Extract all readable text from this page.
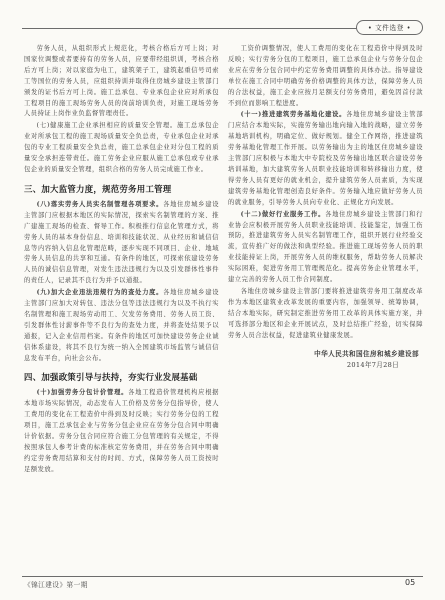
• 文件选登 •

劳务人员，从组织形式上规范化，考核合格后方可上岗；对国家位调整或者要持有的劳务人员，应要带经组织训，考核合格后方可上岗；对以家庭为电工，建筑架子工，建筑起重信号司索工等国位的劳务人员，应组织持训并取得住房城乡建设主管部门颁发的证书后方可上岗。施工总承包、专业承包企业应对所承包工程项目的施工现场劳务人员的岗前培训负责，对施工现场劳务人员持证上岗作业负监督管理责任。

(七)健康施工企业承担相应的质量安全管理。施工总承包企业对所承包工程的施工现场质量安全负总责，专业承包企业对承包的专业工程质量安全负总责，施工总承包企业对分包工程的质量安全承担连带责任。施工劳务企业应服从施工总承包或专业承包企业的质量安全管理，组织合格的劳务人员完成施工作业。

三、加大监管力度，规范劳务用工管理

(八)落实劳务人员实名制管理各项要求。各地住房城乡建设主管部门应根据本地区的实际情况，探索实名制管理的方案、推广建施工现场的检查、督导工作。积极推行信息化管理方式，将劳务人员的基本身份信息、培训和技能状况、从业经历和诚信信息等内容纳入信息化管理范畴，逐步实现不同项目、企业、地域劳务人员信息的共享和互通。有条件的地区，可探索依建设劳务人员的诚信信息管理，对发生违法违规行为以及引发群体性事件的责任人，记录其不良行为并予以通报。

(九)加大企业违法违规行为的查处力度。各地住房城乡建设主管部门应加大对转包、违法分包等违法违规行为以及不执行实名制管理和施工现场劳动用工、欠发劳务费用、劳务人员工资、引发群体性讨薪事件等不良行为的查处力度，并将查处结果予以通报，记入企业信用档案。有条件的地区可加快建设劳务企业诚信体系建设，将其不良行为统一纳入全国建筑市场监管与诚信信息发布平台，向社会公布。

四、加强政策引导与扶持，夯实行业发展基础

(十)加强劳务分包计价管理。各地工程造价管理机构应根据本地市场实际情况，动态发布人工价格及劳务分包指导价，使人工费用的变化在工程造价中得到及时反映；实行劳务分包的工程项目，施工总承包企业与劳务分包企业应在劳务分包合同中明确计价依据。劳务分包合同应符合施工分包管理的有关规定，不得按照承包人参考计费的标准核定劳务费用，并在劳务合同中明确约定劳务费用结算和支付的时间、方式，保障劳务人员工资按时足额发放。

工资价调整情况，使人工费用的变化在工程造价中得到及时反映；实行劳务分包的工程项目，施工总承包企业与劳务分包企业应在劳务分包合同中约定劳务费用调整的具体办法。指导建设单位在施工合同中明确劳务价格调整的具体方法，保障劳务人员的合法权益，施工企业应按月足额支付劳务费用，避免因首付款不到位而影响工程进度。

(十一)推进建筑劳务基地化建设。各地住房城乡建设主管部门应结合本地实际，实施劳务输出地向输入地的战略，建立劳务基地培训机构，明确定位、做好规划。健全工作网络，推进建筑劳务基地化管理工作开展。以劳务输出为主的地区住房城乡建设主管部门应积极与本地大中专院校及劳务输出地区联合建设劳务培训基地，加大建筑劳务人员职业技能培训和转移输出力度，使得劳务人员有更好的就业机会，提升建筑劳务人员素质，为实现建筑劳务基地化管理创造良好条件。劳务输入地应做好劳务人员的就业服务，引导劳务人员向专业化、正规化方向发展。

(十二)做好行业服务工作。各地住房城乡建设主管部门和行业协会应积极开展劳务人员职业技能培训、技能鉴定，加强工伤预防，推进建筑劳务人员实名制管理工作，组织开展行业经验交流，宣传推广好的做法和典型经验。推进施工现场劳务人员的职业技能持证上岗，开展劳务人员的维权服务，帮助劳务人员解决实际困难，促进劳务用工管理规范化。提高劳务企业管理水平，建立完善的劳务人员工作合同制度。

各地住房城乡建设主管部门要将推进建筑劳务用工制度改革作为本地区建筑业改革发展的重要内容，加强领导、统筹协调，结合本地实际，研究制定推进劳务用工改革的具体实施方案，并可选择部分地区和企业开展试点，及时总结推广经验，切实保障劳务人员合法权益，促进建筑业健康发展。

中华人民共和国住房和城乡建设部
2014年7月28日
《锦江建设》第一期	05
